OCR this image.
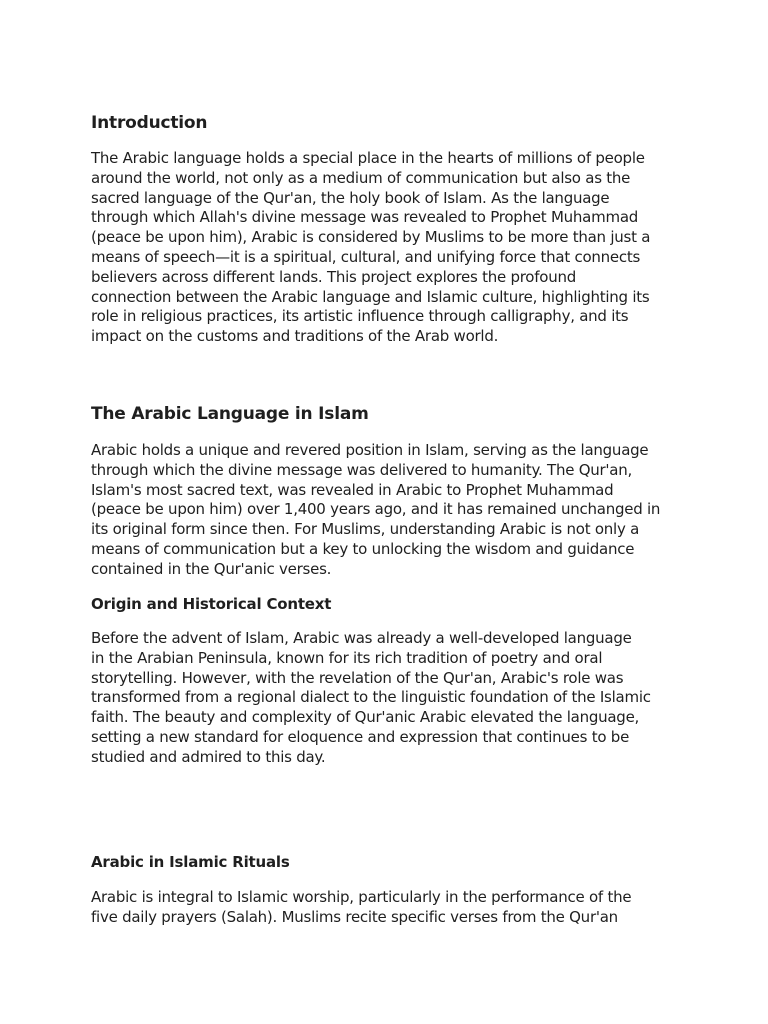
Introduction
The Arabic language holds a special place in the hearts of millions of people
around the world, not only as a medium of communication but also as the
sacred language of the Qur'an, the holy book of Islam. As the language
through which Allah's divine message was revealed to Prophet Muhammad
(peace be upon him), Arabic is considered by Muslims to be more than just a
means of speech—it is a spiritual, cultural, and unifying force that connects
believers across different lands. This project explores the profound
connection between the Arabic language and Islamic culture, highlighting its
role in religious practices, its artistic influence through calligraphy, and its
impact on the customs and traditions of the Arab world.
The Arabic Language in Islam
Arabic holds a unique and revered position in Islam, serving as the language
through which the divine message was delivered to humanity. The Qur'an,
Islam's most sacred text, was revealed in Arabic to Prophet Muhammad
(peace be upon him) over 1,400 years ago, and it has remained unchanged in
its original form since then. For Muslims, understanding Arabic is not only a
means of communication but a key to unlocking the wisdom and guidance
contained in the Qur'anic verses.
Origin and Historical Context
Before the advent of Islam, Arabic was already a well-developed language
in the Arabian Peninsula, known for its rich tradition of poetry and oral
storytelling. However, with the revelation of the Qur'an, Arabic's role was
transformed from a regional dialect to the linguistic foundation of the Islamic
faith. The beauty and complexity of Qur'anic Arabic elevated the language,
setting a new standard for eloquence and expression that continues to be
studied and admired to this day.
Arabic in Islamic Rituals
Arabic is integral to Islamic worship, particularly in the performance of the
five daily prayers (Salah). Muslims recite specific verses from the Qur'an
